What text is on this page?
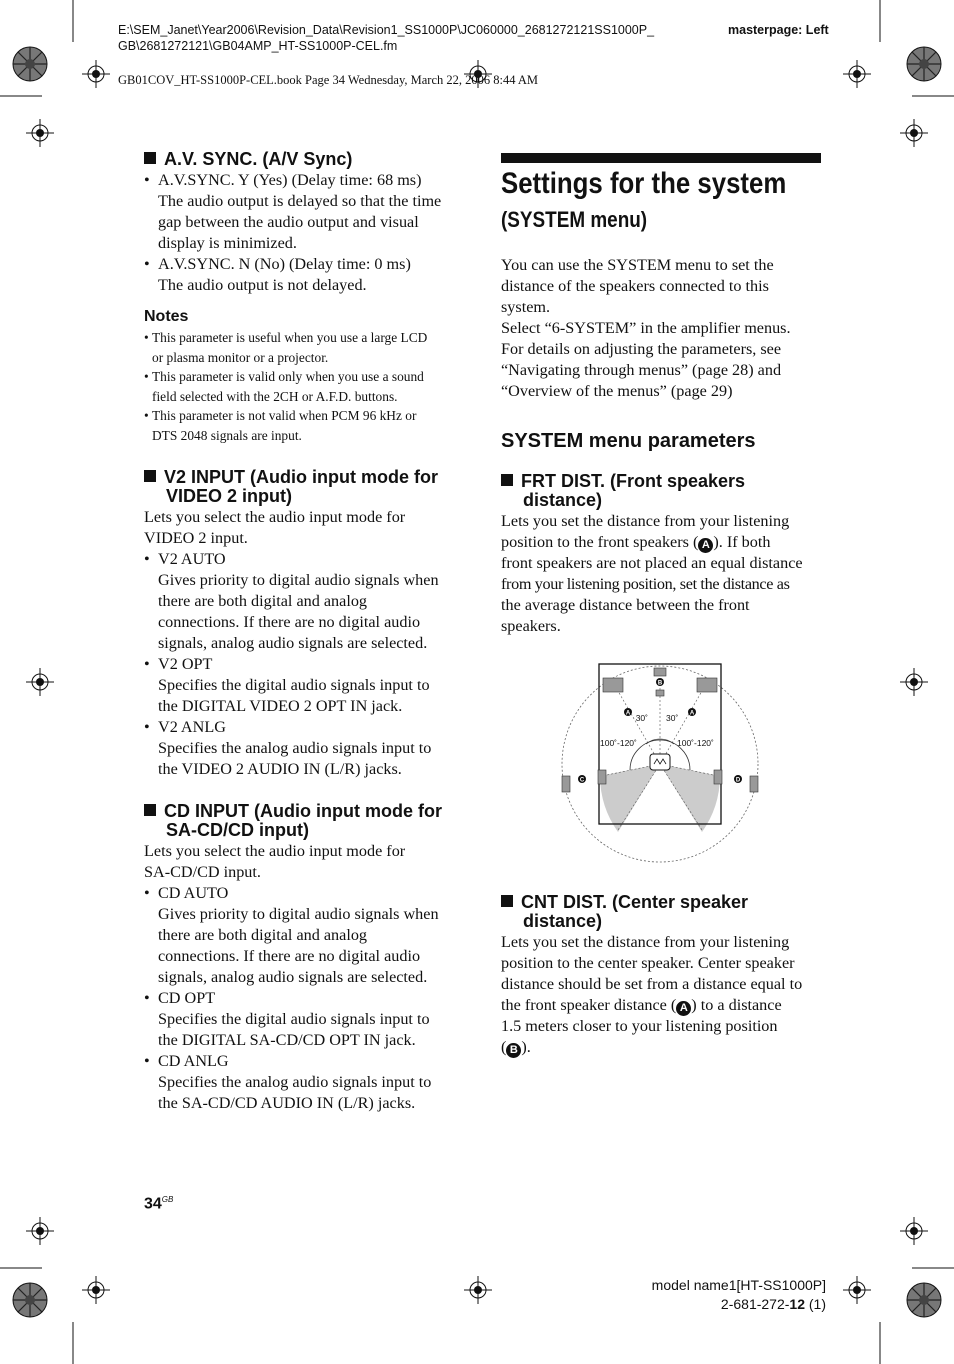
E:\SEM_Janet\Year2006\Revision_Data\Revision1_SS1000P\JC060000_2681272121SS1000P_
GB\2681272121\GB04AMP_HT-SS1000P-CEL.fm
masterpage: Left
GB01COV_HT-SS1000P-CEL.book Page 34 Wednesday, March 22, 2006 8:44 AM
A.V. SYNC. (A/V Sync)
• A.V.SYNC. Y (Yes) (Delay time: 68 ms)
The audio output is delayed so that the time
gap between the audio output and visual
display is minimized.
• A.V.SYNC. N (No) (Delay time: 0 ms)
The audio output is not delayed.
Notes
• This parameter is useful when you use a large LCD
or plasma monitor or a projector.
• This parameter is valid only when you use a sound
field selected with the 2CH or A.F.D. buttons.
• This parameter is not valid when PCM 96 kHz or
DTS 2048 signals are input.
V2 INPUT (Audio input mode for
VIDEO 2 input)
Lets you select the audio input mode for
VIDEO 2 input.
• V2 AUTO
Gives priority to digital audio signals when
there are both digital and analog
connections. If there are no digital audio
signals, analog audio signals are selected.
• V2 OPT
Specifies the digital audio signals input to
the DIGITAL VIDEO 2 OPT IN jack.
• V2 ANLG
Specifies the analog audio signals input to
the VIDEO 2 AUDIO IN (L/R) jacks.
CD INPUT (Audio input mode for
SA-CD/CD input)
Lets you select the audio input mode for
SA-CD/CD input.
• CD AUTO
Gives priority to digital audio signals when
there are both digital and analog
connections. If there are no digital audio
signals, analog audio signals are selected.
• CD OPT
Specifies the digital audio signals input to
the DIGITAL SA-CD/CD OPT IN jack.
• CD ANLG
Specifies the analog audio signals input to
the SA-CD/CD AUDIO IN (L/R) jacks.
Settings for the system
(SYSTEM menu)
You can use the SYSTEM menu to set the
distance of the speakers connected to this
system.
Select “6-SYSTEM” in the amplifier menus.
For details on adjusting the parameters, see
“Navigating through menus” (page 28) and
“Overview of the menus” (page 29)
SYSTEM menu parameters
FRT DIST. (Front speakers
distance)
Lets you set the distance from your listening
position to the front speakers ( A ). If both
front speakers are not placed an equal distance
from your listening position, set the distance as
the average distance between the front
speakers.
B
A	A
C	D
30˚ 30˚
100˚-120˚	100˚-120˚
CNT DIST. (Center speaker
distance)
Lets you set the distance from your listening
position to the center speaker. Center speaker
distance should be set from a distance equal to
the front speaker distance ( A ) to a distance
1.5 meters closer to your listening position
( B ).
$34^{GB}$
model name1[HT-SS1000P]
2-681-272-12 (1)
